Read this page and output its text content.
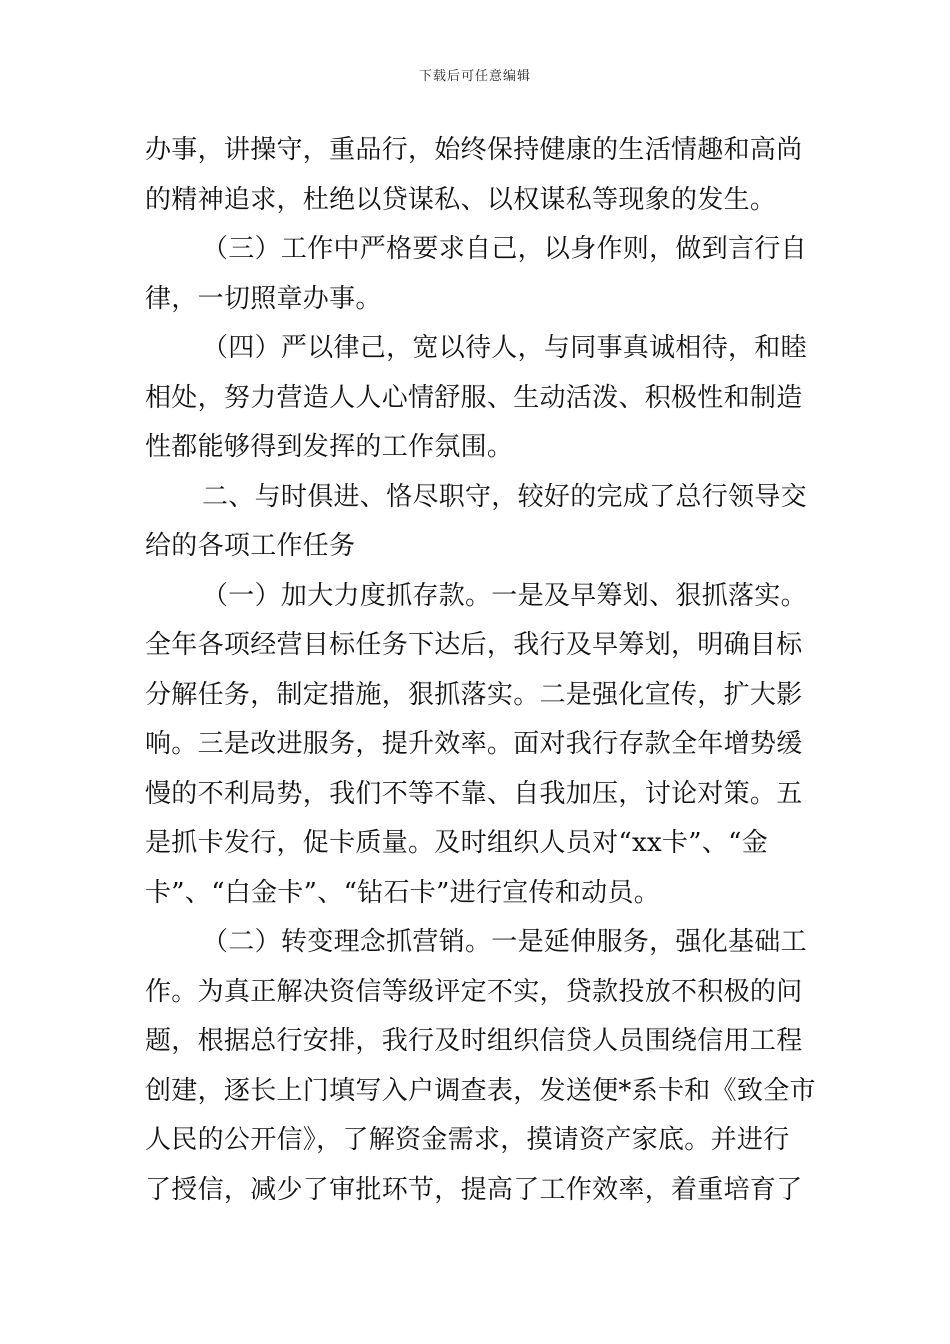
下载后可任意编辑
办事，讲操守，重品行，始终保持健康的生活情趣和高尚
的精神追求，杜绝以贷谋私、以权谋私等现象的发生。
（三）工作中严格要求自己，以身作则，做到言行自
律，一切照章办事。
（四）严以律己，宽以待人，与同事真诚相待，和睦
相处，努力营造人人心情舒服、生动活泼、积极性和制造
性都能够得到发挥的工作氛围。
二、与时俱进、恪尽职守，较好的完成了总行领导交
给的各项工作任务
（一）加大力度抓存款。一是及早筹划、狠抓落实。
全年各项经营目标任务下达后，我行及早筹划，明确目标
分解任务，制定措施，狠抓落实。二是强化宣传，扩大影
响。三是改进服务，提升效率。面对我行存款全年增势缓
慢的不利局势，我们不等不靠、自我加压，讨论对策。五
是抓卡发行，促卡质量。及时组织人员对“xx卡”、“金
卡”、“白金卡”、“钻石卡”进行宣传和动员。
（二）转变理念抓营销。一是延伸服务，强化基础工
作。为真正解决资信等级评定不实，贷款投放不积极的问
题，根据总行安排，我行及时组织信贷人员围绕信用工程
创建，逐长上门填写入户调查表，发送便*系卡和《致全市
人民的公开信》，了解资金需求，摸请资产家底。并进行
了授信，减少了审批环节，提高了工作效率，着重培育了
